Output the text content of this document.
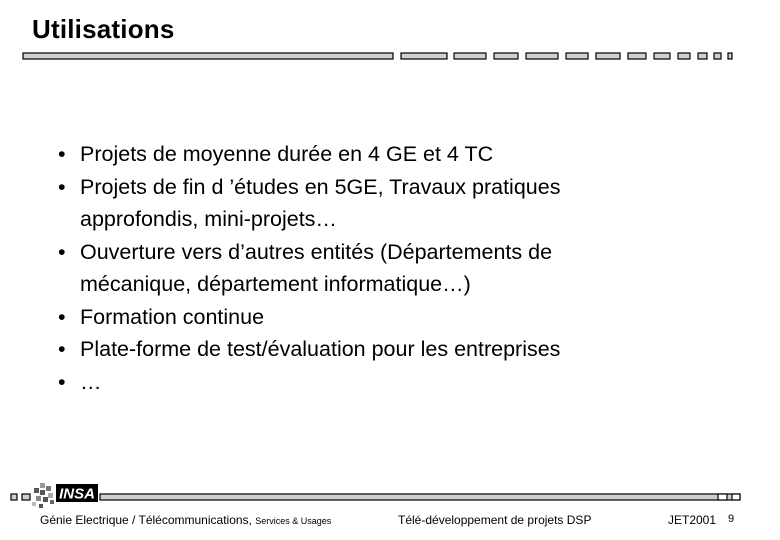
Utilisations
• Projets de moyenne durée en 4 GE et 4 TC
• Projets de fin d ’études en 5GE, Travaux pratiques approfondis, mini-projets…
• Ouverture vers d’autres entités (Départements de mécanique, département informatique…)
• Formation continue
• Plate-forme de test/évaluation pour les entreprises
• …
INSA
Génie Electrique / Télécommunications, Services & Usages	Télé-développement de projets DSP	JET2001 9
